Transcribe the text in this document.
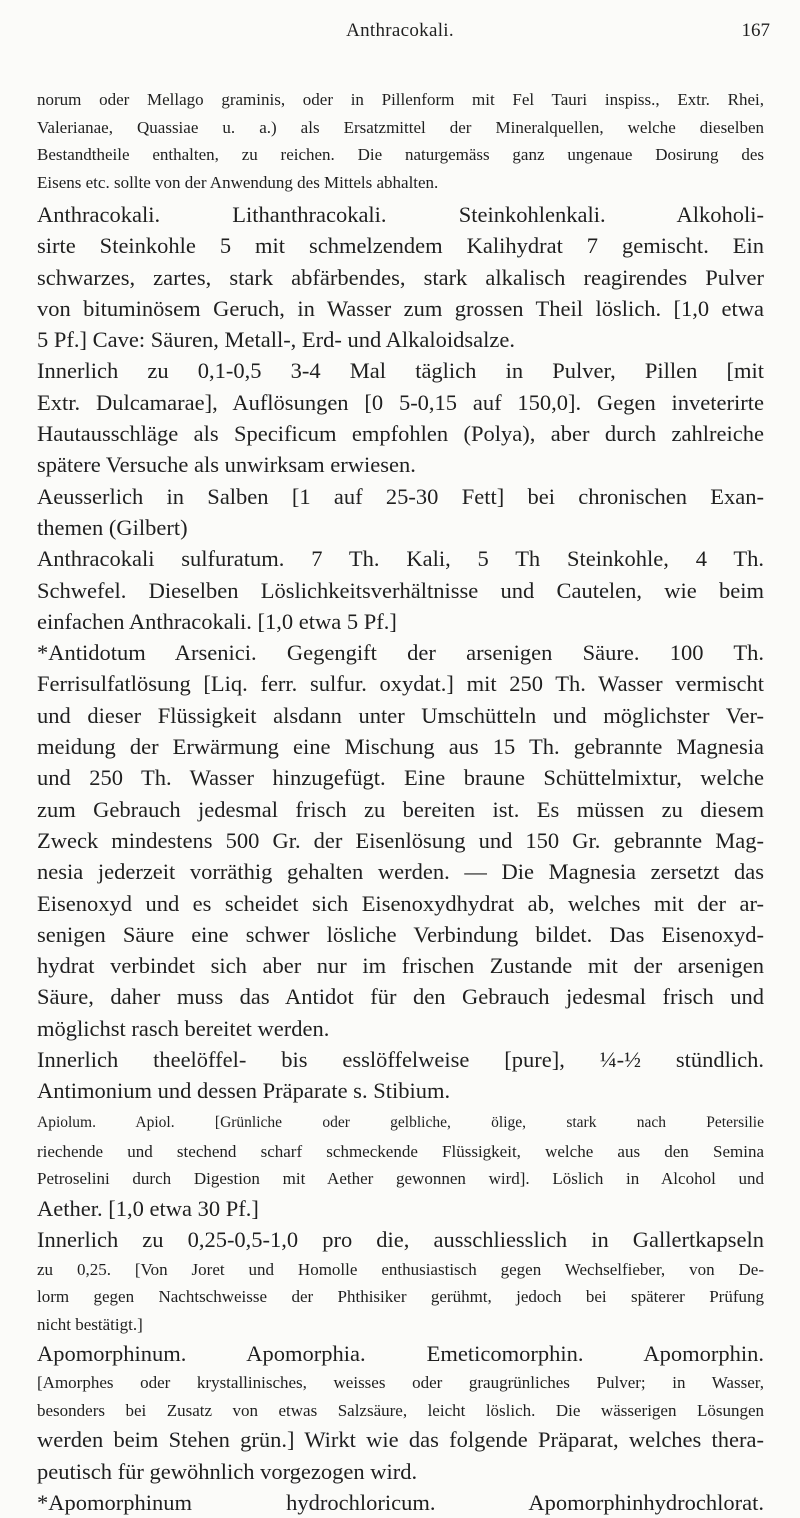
Anthracokali.	167
norum oder Mellago graminis, oder in Pillenform mit Fel Tauri inspiss., Extr. Rhei,
Valerianae, Quassiae u. a.) als Ersatzmittel der Mineralquellen, welche dieselben
Bestandtheile enthalten, zu reichen. Die naturgemäss ganz ungenaue Dosirung des
Eisens etc. sollte von der Anwendung des Mittels abhalten.
Anthracokali. Lithanthracokali. Steinkohlenkali. Alkoholi-
sirte Steinkohle 5 mit schmelzendem Kalihydrat 7 gemischt. Ein
schwarzes, zartes, stark abfärbendes, stark alkalisch reagirendes Pulver
von bituminösem Geruch, in Wasser zum grossen Theil löslich. [1,0 etwa
5 Pf.] Cave: Säuren, Metall-, Erd- und Alkaloidsalze.
Innerlich zu 0,1-0,5 3-4 Mal täglich in Pulver, Pillen [mit
Extr. Dulcamarae], Auflösungen [0 5-0,15 auf 150,0]. Gegen inveterirte
Hautausschläge als Specificum empfohlen (Polya), aber durch zahlreiche
spätere Versuche als unwirksam erwiesen.
Aeusserlich in Salben [1 auf 25-30 Fett] bei chronischen Exan-
themen (Gilbert)
Anthracokali sulfuratum. 7 Th. Kali, 5 Th Steinkohle, 4 Th.
Schwefel. Dieselben Löslichkeitsverhältnisse und Cautelen, wie beim
einfachen Anthracokali. [1,0 etwa 5 Pf.]
*Antidotum Arsenici. Gegengift der arsenigen Säure. 100 Th.
Ferrisulfatlösung [Liq. ferr. sulfur. oxydat.] mit 250 Th. Wasser vermischt
und dieser Flüssigkeit alsdann unter Umschütteln und möglichster Ver-
meidung der Erwärmung eine Mischung aus 15 Th. gebrannte Magnesia
und 250 Th. Wasser hinzugefügt. Eine braune Schüttelmixtur, welche
zum Gebrauch jedesmal frisch zu bereiten ist. Es müssen zu diesem
Zweck mindestens 500 Gr. der Eisenlösung und 150 Gr. gebrannte Mag-
nesia jederzeit vorräthig gehalten werden. — Die Magnesia zersetzt das
Eisenoxyd und es scheidet sich Eisenoxydhydrat ab, welches mit der ar-
senigen Säure eine schwer lösliche Verbindung bildet. Das Eisenoxyd-
hydrat verbindet sich aber nur im frischen Zustande mit der arsenigen
Säure, daher muss das Antidot für den Gebrauch jedesmal frisch und
möglichst rasch bereitet werden.
Innerlich theelöffel- bis esslöffelweise [pure], ¼-½ stündlich.
Antimonium und dessen Präparate s. Stibium.
Apiolum. Apiol. [Grünliche oder gelbliche, ölige, stark nach Petersilie
riechende und stechend scharf schmeckende Flüssigkeit, welche aus den Semina
Petroselini durch Digestion mit Aether gewonnen wird]. Löslich in Alcohol und
Aether. [1,0 etwa 30 Pf.]
Innerlich zu 0,25-0,5-1,0 pro die, ausschliesslich in Gallertkapseln
zu 0,25. [Von Joret und Homolle enthusiastisch gegen Wechselfieber, von De-
lorm gegen Nachtschweisse der Phthisiker gerühmt, jedoch bei späterer Prüfung
nicht bestätigt.]
Apomorphinum. Apomorphia. Emeticomorphin. Apomorphin.
[Amorphes oder krystallinisches, weisses oder graugrünliches Pulver; in Wasser,
besonders bei Zusatz von etwas Salzsäure, leicht löslich. Die wässerigen Lösungen
werden beim Stehen grün.] Wirkt wie das folgende Präparat, welches thera-
peutisch für gewöhnlich vorgezogen wird.
*Apomorphinum hydrochloricum. Apomorphinhydrochlorat.
